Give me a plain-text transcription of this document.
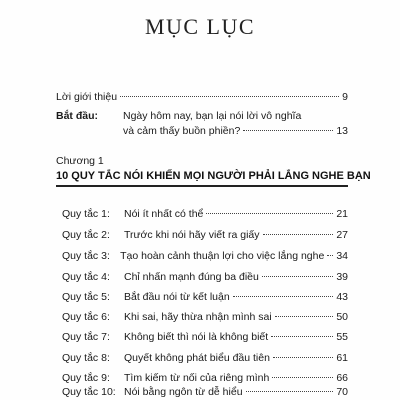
MỤC LỤC
Lời giới thiệu	9
Bắt đầu: Ngày hôm nay, bạn lại nói lời vô nghĩa
và cảm thấy buồn phiền?	13
Chương 1
10 QUY TẮC NÓI KHIẾN MỌI NGƯỜI PHẢI LẮNG NGHE BẠN
Quy tắc 1:	Nói ít nhất có thể	21
Quy tắc 2:	Trước khi nói hãy viết ra giấy	27
Quy tắc 3: Tạo hoàn cảnh thuận lợi cho việc lắng nghe 34
Quy tắc 4:	Chỉ nhấn mạnh đúng ba điều	39
Quy tắc 5:	Bắt đầu nói từ kết luận	43
Quy tắc 6:	Khi sai, hãy thừa nhận mình sai	50
Quy tắc 7:	Không biết thì nói là không biết	55
Quy tắc 8:	Quyết không phát biểu đầu tiên	61
Quy tắc 9:	Tìm kiếm từ nối của riêng mình	66
Quy tắc 10: Nói bằng ngôn từ dễ hiểu	70
